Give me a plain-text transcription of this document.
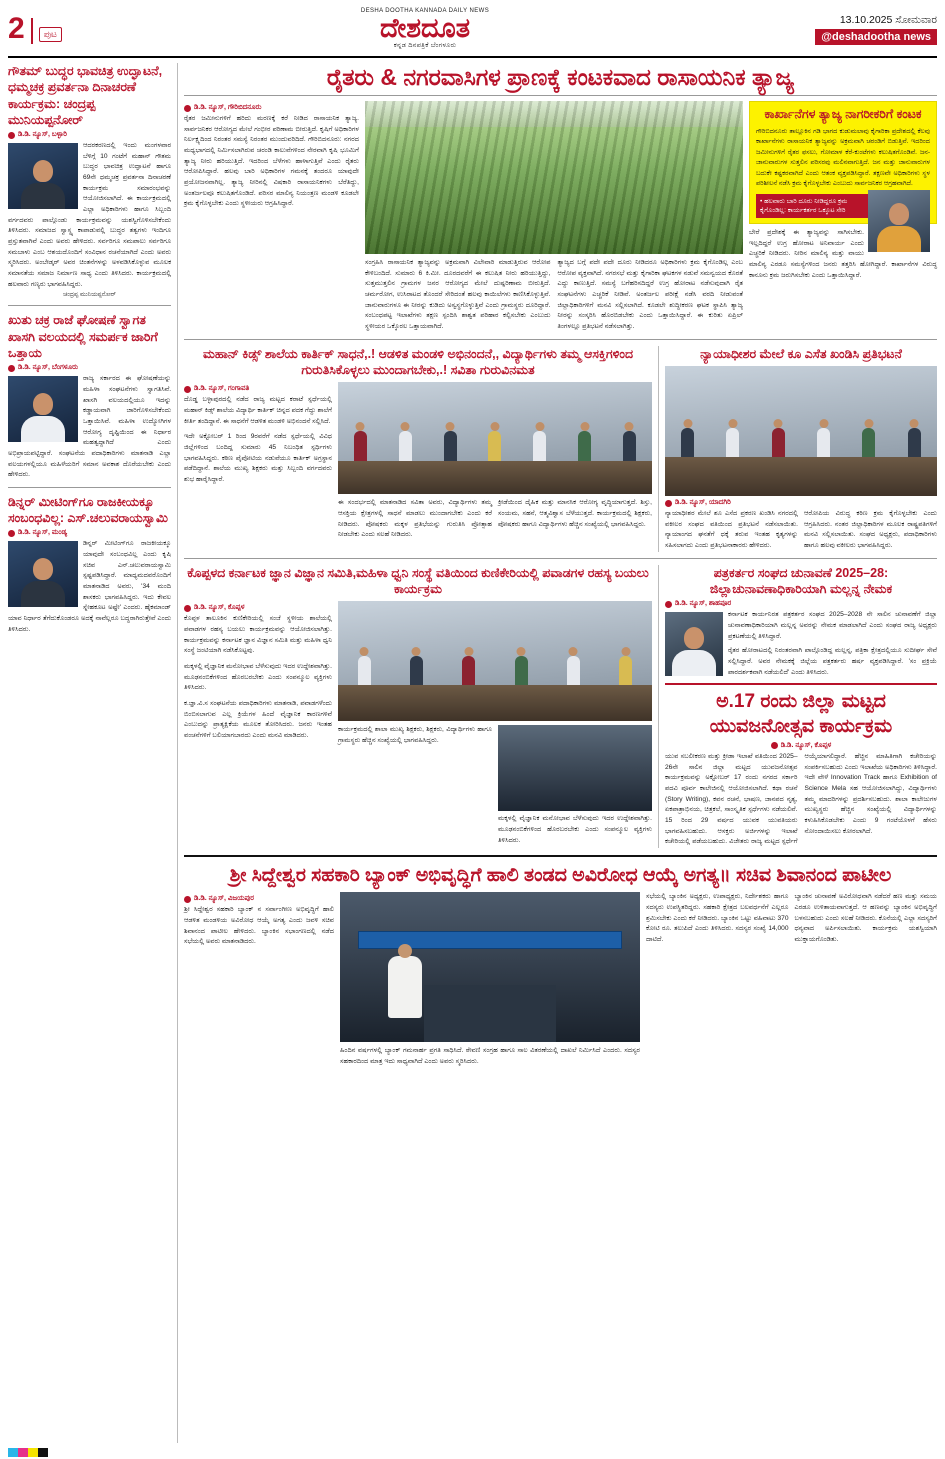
2	ಪುಟ
DESHA DOOTHA KANNADA DAILY NEWS
ದೇಶದೂತ
ಕನ್ನಡ ದಿನಪತ್ರಿಕೆ ಬೆಂಗಳೂರು
13.10.2025 ಸೋಮವಾರ
@deshadootha news
ಗೌತಮ್ ಬುದ್ಧರ ಭಾವಚಿತ್ರ ಉದ್ಘಾಟನೆ, ಧಮ್ಮಚಕ್ರ ಪ್ರವರ್ತನಾ ದಿನಾಚರಣೆ ಕಾರ್ಯಕ್ರಮ: ಚಂದ್ರಪ್ಪ ಮುನಿಯಪ್ಪನೋರ್
ಡಿ.ಡಿ. ನ್ಯೂಸ್, ಬಳ್ಳಾರಿ
ಆದರಕರಣದಲ್ಲಿ ಇಂದು ಮಂಗಳವಾರ ಬೆಳಿಗ್ಗೆ 10 ಗಂಟೆಗೆ ಮಹಾನ್ ಗೌತಮ ಬುದ್ಧರ ಭಾವಚಿತ್ರ ಉದ್ಘಾಟನೆ ಹಾಗೂ 69ನೇ ಧಮ್ಮಚಕ್ರ ಪ್ರವರ್ತನಾ ದಿನಾಚರಣೆ ಕಾರ್ಯಕ್ರಮ ಸಮಾರಂಭವನ್ನು ಆಯೋಜಿಸಲಾಗಿದೆ. ಈ ಕಾರ್ಯಕ್ರಮದಲ್ಲಿ ಎಲ್ಲಾ ಅಧಿಕಾರಿಗಳು ಹಾಗೂ ಸಿಬ್ಬಂದಿ ವರ್ಗದವರು ಪಾಲ್ಗೊಂಡು ಕಾರ್ಯಕ್ರಮವನ್ನು ಯಶಸ್ವಿಗೊಳಿಸಬೇಕೆಂದು ತಿಳಿಸಿದರು. ಸಮಾಜದ ಸ್ವಾಸ್ಥ್ಯ ಕಾಪಾಡುವಲ್ಲಿ ಬುದ್ಧರ ತತ್ವಗಳು ಇಂದಿಗೂ ಪ್ರಸ್ತುತವಾಗಿವೆ ಎಂದು ಅವರು ಹೇಳಿದರು. ಸರ್ವರಿಗೂ ಸಮಪಾಲು ಸರ್ವರಿಗೂ ಸಮಬಾಳು ಎಂಬ ಆಶಯದೊಂದಿಗೆ ಸಂವಿಧಾನ ರಚನೆಯಾಗಿದೆ ಎಂದು ಅವರು ಸ್ಮರಿಸಿದರು. ಅಂಬೇಡ್ಕರ್ ಅವರ ಚಿಂತನೆಗಳನ್ನು ಅಳವಡಿಸಿಕೊಳ್ಳುವ ಮೂಲಕ ಸಮಾನತೆಯ ಸಮಾಜ ನಿರ್ಮಾಣ ಸಾಧ್ಯ ಎಂದು ತಿಳಿಸಿದರು. ಕಾರ್ಯಕ್ರಮದಲ್ಲಿ ಹಲವಾರು ಗಣ್ಯರು ಭಾಗವಹಿಸಿದ್ದರು.
ಚಂದ್ರಪ್ಪ ಮುನಿಯಪ್ಪನೋರ್
ಖುತು ಚಕ್ರ ರಾಜೆ ಘೋಷಣೆ ಸ್ವಾಗತ ಖಾಸಗಿ ವಲಯದಲ್ಲಿ ಸಮರ್ಪಕ ಜಾರಿಗೆ ಒತ್ತಾಯ
ಡಿ.ಡಿ. ನ್ಯೂಸ್, ಬೆಂಗಳೂರು
ರಾಜ್ಯ ಸರ್ಕಾರದ ಈ ಘೋಷಣೆಯನ್ನು ಮಹಿಳಾ ಸಂಘಟನೆಗಳು ಸ್ವಾಗತಿಸಿವೆ. ಖಾಸಗಿ ವಲಯದಲ್ಲಿಯೂ ಇದನ್ನು ಕಡ್ಡಾಯವಾಗಿ ಜಾರಿಗೊಳಿಸಬೇಕೆಂದು ಒತ್ತಾಯಿಸಿವೆ. ಮಹಿಳಾ ಉದ್ಯೋಗಿಗಳ ಆರೋಗ್ಯ ದೃಷ್ಟಿಯಿಂದ ಈ ನಿರ್ಧಾರ ಮಹತ್ವದ್ದಾಗಿದೆ ಎಂದು ಅಭಿಪ್ರಾಯಪಟ್ಟಿದ್ದಾರೆ. ಸಂಘಟನೆಯ ಪದಾಧಿಕಾರಿಗಳು ಮಾತನಾಡಿ ಎಲ್ಲಾ ವಲಯಗಳಲ್ಲಿಯೂ ಮಹಿಳೆಯರಿಗೆ ಸಮಾನ ಅವಕಾಶ ದೊರೆಯಬೇಕು ಎಂದು ಹೇಳಿದರು.
ಡಿನ್ನರ್ ಮೀಟಿಂಗ್‌ಗೂ ರಾಜಕೀಯಕ್ಕೂ ಸಂಬಂಧವಿಲ್ಲ: ಎಸ್.ಚಲುವರಾಯಸ್ವಾಮಿ
ಡಿ.ಡಿ. ನ್ಯೂಸ್, ಮಂಡ್ಯ
ಡಿನ್ನರ್ ಮೀಟಿಂಗ್‌ಗೂ ರಾಜಕೀಯಕ್ಕೂ ಯಾವುದೇ ಸಂಬಂಧವಿಲ್ಲ ಎಂದು ಕೃಷಿ ಸಚಿವ ಎನ್.ಚಲುವರಾಯಸ್ವಾಮಿ ಸ್ಪಷ್ಟಪಡಿಸಿದ್ದಾರೆ. ಮಾಧ್ಯಮದವರೊಂದಿಗೆ ಮಾತನಾಡಿದ ಅವರು, '34 ಮಂದಿ ಶಾಸಕರು ಭಾಗವಹಿಸಿದ್ದರು. ಇದು ಕೇವಲ ಸ್ನೇಹಕೂಟ ಅಷ್ಟೇ' ಎಂದರು. ಹೈಕಮಾಂಡ್ ಯಾವ ನಿರ್ಧಾರ ತೆಗೆದುಕೊಂಡರೂ ಅದಕ್ಕೆ ನಾವೆಲ್ಲರೂ ಬದ್ಧರಾಗಿರುತ್ತೇವೆ ಎಂದು ತಿಳಿಸಿದರು.
ರೈತರು & ನಗರವಾಸಿಗಳ ಪ್ರಾಣಕ್ಕೆ ಕಂಟಕವಾದ ರಾಸಾಯನಿಕ ತ್ಯಾಜ್ಯ
ಡಿ.ಡಿ. ನ್ಯೂಸ್, ಗೌರಿಬಿದನೂರು
ರೈತರ ಜಮೀನುಗಳಿಗೆ ಹರಿದು ಮರಣಕ್ಕೆ ಕರೆ ನೀಡಿದ ರಾಸಾಯನಿಕ ತ್ಯಾಜ್ಯ. ಸಾರ್ವಜನಿಕರ ಆರೋಗ್ಯದ ಮೇಲೆ ಗಂಭೀರ ಪರಿಣಾಮ ಬೀರುತ್ತಿದೆ. ಕೃಷಿಗೆ ಅಧಿಕಾರಿಗಳ ನಿರ್ಲಕ್ಷ್ಯದಿಂದ ನಿರಂತರ ಸಮಸ್ಯೆ ನಿರಂತರ ಮುಂದುವರಿದಿದೆ. ಗೌರಿಬಿದನೂರು: ನಗರದ ಮಧ್ಯಭಾಗದಲ್ಲಿ ನಿರ್ಮಿಸಲಾಗಿರುವ ಚರಂಡಿ ಕಾಲುವೆಗಳಿಂದ ನೇರವಾಗಿ ಕೃಷಿ ಭೂಮಿಗೆ ತ್ಯಾಜ್ಯ ನೀರು ಹರಿಯುತ್ತಿದೆ. ಇದರಿಂದ ಬೆಳೆಗಳು ಹಾಳಾಗುತ್ತಿವೆ ಎಂದು ರೈತರು ಆರೋಪಿಸಿದ್ದಾರೆ. ಹಲವು ಬಾರಿ ಅಧಿಕಾರಿಗಳ ಗಮನಕ್ಕೆ ತಂದರೂ ಯಾವುದೇ ಪ್ರಯೋಜನವಾಗಿಲ್ಲ. ತ್ಯಾಜ್ಯ ನೀರಿನಲ್ಲಿ ವಿಷಕಾರಿ ರಾಸಾಯನಿಕಗಳು ಬೆರೆತಿದ್ದು, ಅಂತರ್ಜಲವೂ ಕಲುಷಿತಗೊಂಡಿದೆ. ಪರಿಸರ ಮಾಲಿನ್ಯ ನಿಯಂತ್ರಣ ಮಂಡಳಿ ಕೂಡಲೇ ಕ್ರಮ ಕೈಗೊಳ್ಳಬೇಕು ಎಂದು ಸ್ಥಳೀಯರು ಆಗ್ರಹಿಸಿದ್ದಾರೆ.
ಸಂಗ್ರಹಿಸಿ ರಾಸಾಯನಿಕ ತ್ಯಾಜ್ಯವನ್ನು ಅಕ್ರಮವಾಗಿ ವಿಲೇವಾರಿ ಮಾಡುತ್ತಿರುವ ಆರೋಪ ಕೇಳಿಬಂದಿದೆ. ಸುಮಾರು 6 ಕಿ.ಮೀ. ದೂರದವರೆಗೆ ಈ ಕಲುಷಿತ ನೀರು ಹರಿಯುತ್ತಿದ್ದು, ಸುತ್ತಮುತ್ತಲಿನ ಗ್ರಾಮಗಳ ಜನರ ಆರೋಗ್ಯದ ಮೇಲೆ ದುಷ್ಪರಿಣಾಮ ಬೀರುತ್ತಿದೆ. ಚರ್ಮರೋಗ, ಉಸಿರಾಟದ ತೊಂದರೆ ಸೇರಿದಂತೆ ಹಲವು ಕಾಯಿಲೆಗಳು ಕಾಣಿಸಿಕೊಳ್ಳುತ್ತಿವೆ. ಜಾನುವಾರುಗಳೂ ಈ ನೀರನ್ನು ಕುಡಿದು ಅಸ್ವಸ್ಥಗೊಳ್ಳುತ್ತಿವೆ ಎಂದು ಗ್ರಾಮಸ್ಥರು ದೂರಿದ್ದಾರೆ. ಸಂಬಂಧಪಟ್ಟ ಇಲಾಖೆಗಳು ತಕ್ಷಣ ಸ್ಪಂದಿಸಿ ಶಾಶ್ವತ ಪರಿಹಾರ ಕಲ್ಪಿಸಬೇಕು ಎಂಬುದು ಸ್ಥಳೀಯರ ಒಕ್ಕೊರಲ ಒತ್ತಾಯವಾಗಿದೆ.
ತ್ಯಾಜ್ಯದ ಬಗ್ಗೆ ಪದೇ ಪದೇ ದೂರು ನೀಡಿದರೂ ಅಧಿಕಾರಿಗಳು ಕ್ರಮ ಕೈಗೊಂಡಿಲ್ಲ ಎಂಬ ಆರೋಪ ವ್ಯಕ್ತವಾಗಿದೆ. ನಗರಸಭೆ ಮತ್ತು ಕೈಗಾರಿಕಾ ಘಟಕಗಳ ನಡುವೆ ಸಮನ್ವಯದ ಕೊರತೆ ಎದ್ದು ಕಾಣುತ್ತಿದೆ. ಸಮಸ್ಯೆ ಬಗೆಹರಿಸದಿದ್ದರೆ ಉಗ್ರ ಹೋರಾಟ ನಡೆಸುವುದಾಗಿ ರೈತ ಸಂಘಟನೆಗಳು ಎಚ್ಚರಿಕೆ ನೀಡಿವೆ. ಅಂತರ್ಜಲ ಪರೀಕ್ಷೆ ನಡೆಸಿ ವರದಿ ನೀಡುವಂತೆ ಜಿಲ್ಲಾಧಿಕಾರಿಗಳಿಗೆ ಮನವಿ ಸಲ್ಲಿಸಲಾಗಿದೆ. ಕೂಡಲೇ ಶುದ್ಧೀಕರಣ ಘಟಕ ಸ್ಥಾಪಿಸಿ ತ್ಯಾಜ್ಯ ನೀರನ್ನು ಸಂಸ್ಕರಿಸಿ ಹೊರಬಿಡಬೇಕು ಎಂದು ಒತ್ತಾಯಿಸಿದ್ದಾರೆ. ಈ ಕುರಿತು ಏಪ್ರಿಲ್ ತಿಂಗಳಲ್ಲೂ ಪ್ರತಿಭಟನೆ ನಡೆಸಲಾಗಿತ್ತು.
ಕಾರ್ಖಾನೆಗಳ ತ್ಯಾಜ್ಯ ನಾಗರೀಕರಿಗೆ ಕಂಟಕ
ಗೌರಿಬಿದನೂರು ತಾಲ್ಲೂಕಿನ ಗಡಿ ಭಾಗದ ಕುಡುಮಲಾವು ಕೈಗಾರಿಕಾ ಪ್ರದೇಶದಲ್ಲಿ ಕೆಲವು ಕಾರ್ಖಾನೆಗಳು ರಾಸಾಯನಿಕ ತ್ಯಾಜ್ಯವನ್ನು ಅಕ್ರಮವಾಗಿ ಚರಂಡಿಗೆ ಬಿಡುತ್ತಿವೆ. ಇದರಿಂದ ಜಮೀನುಗಳಿಗೆ ರೈತರ ಫಸಲು, ಗೋಮಾಳ ಕೆರೆ-ಕುಂಟೆಗಳು ಕಲುಷಿತಗೊಂಡಿವೆ. ಜನ-ಜಾನುವಾರುಗಳ ಸುತ್ತಲಿನ ಪರಿಸರವು ಮಲಿನವಾಗುತ್ತಿದೆ. ಜನ ಮತ್ತು ಜಾನುವಾರುಗಳ ಬದುಕೇ ಕಷ್ಟಕರವಾಗಿದೆ ಎಂದು ಆತಂಕ ವ್ಯಕ್ತಪಡಿಸಿದ್ದಾರೆ. ತಕ್ಷಣವೇ ಅಧಿಕಾರಿಗಳು ಸ್ಥಳ ಪರಿಶೀಲನೆ ನಡೆಸಿ ಕ್ರಮ ಕೈಗೊಳ್ಳಬೇಕು ಎಂಬುದು ಸಾರ್ವಜನಿಕರ ಆಗ್ರಹವಾಗಿದೆ.
• ಹಲವಾರು ಬಾರಿ ದೂರು ನೀಡಿದ್ದರೂ ಕ್ರಮ ಕೈಗೊಂಡಿಲ್ಲ: ಕಾರ್ಯಕರ್ತರ ಒಕ್ಕೂಟ ಸೇರಿ
ಬೇರೆ ಪ್ರದೇಶಕ್ಕೆ ಈ ತ್ಯಾಜ್ಯವನ್ನು ಸಾಗಿಸಬೇಕು. ಇಲ್ಲದಿದ್ದರೆ ಉಗ್ರ ಹೋರಾಟ ಅನಿವಾರ್ಯ ಎಂದು ಎಚ್ಚರಿಕೆ ನೀಡಿದರು. ನೀರಿನ ಮಾಲಿನ್ಯ ಮತ್ತು ವಾಯು ಮಾಲಿನ್ಯ ಎರಡೂ ಸಮಸ್ಯೆಗಳಿಂದ ಜನರು ತತ್ತರಿಸಿ ಹೋಗಿದ್ದಾರೆ. ಕಾರ್ಖಾನೆಗಳ ವಿರುದ್ಧ ಕಾನೂನು ಕ್ರಮ ಜರುಗಿಸಬೇಕು ಎಂದು ಒತ್ತಾಯಿಸಿದ್ದಾರೆ.
ಮಹಾನ್ ಕಿಡ್ಸ್ ಶಾಲೆಯ ಕಾರ್ತಿಕ್ ಸಾಧನೆ,.! ಆಡಳಿತ ಮಂಡಳಿ ಅಭಿನಂದನೆ,, ವಿದ್ಯಾರ್ಥಿಗಳು ತಮ್ಮ ಆಸಕ್ತಿಗಳಿಂದ ಗುರುತಿಸಿಕೊಳ್ಳಲು ಮುಂದಾಗಬೇಕು,.! ಸವಿತಾ ಗುರುವಿನಮತ
ಡಿ.ಡಿ. ನ್ಯೂಸ್, ಗಂಗಾವತಿ
ದೊಡ್ಡ ಬಳ್ಳಾಪುರದಲ್ಲಿ ನಡೆದ ರಾಜ್ಯ ಮಟ್ಟದ ಕರಾಟೆ ಸ್ಪರ್ಧೆಯಲ್ಲಿ ಮಹಾನ್ ಕಿಡ್ಸ್ ಶಾಲೆಯ ವಿದ್ಯಾರ್ಥಿ ಕಾರ್ತಿಕ್ ಚಿನ್ನದ ಪದಕ ಗೆದ್ದು ಶಾಲೆಗೆ ಕೀರ್ತಿ ತಂದಿದ್ದಾನೆ. ಈ ಸಾಧನೆಗೆ ಆಡಳಿತ ಮಂಡಳಿ ಅಭಿನಂದನೆ ಸಲ್ಲಿಸಿದೆ.
ಇದೇ ಅಕ್ಟೋಬರ್ 1 ರಿಂದ 9ರವರೆಗೆ ನಡೆದ ಸ್ಪರ್ಧೆಯಲ್ಲಿ ವಿವಿಧ ಜಿಲ್ಲೆಗಳಿಂದ ಬಂದಿದ್ದ ಸುಮಾರು 45 ನಿಬಂಧಿತ ಸ್ಪರ್ಧಿಗಳು ಭಾಗವಹಿಸಿದ್ದರು. ಕಠಿಣ ಪೈಪೋಟಿಯ ನಡುವೆಯೂ ಕಾರ್ತಿಕ್ ಅಗ್ರಸ್ಥಾನ ಪಡೆದಿದ್ದಾನೆ. ಶಾಲೆಯ ಮುಖ್ಯ ಶಿಕ್ಷಕರು ಮತ್ತು ಸಿಬ್ಬಂದಿ ವರ್ಗದವರು ಶುಭ ಹಾರೈಸಿದ್ದಾರೆ.
ಈ ಸಂದರ್ಭದಲ್ಲಿ ಮಾತನಾಡಿದ ಸವಿತಾ ಅವರು, ವಿದ್ಯಾರ್ಥಿಗಳು ತಮ್ಮ ಆಸಕ್ತಿಯ ಕ್ಷೇತ್ರಗಳಲ್ಲಿ ಸಾಧನೆ ಮಾಡಲು ಮುಂದಾಗಬೇಕು ಎಂದು ಕರೆ ನೀಡಿದರು. ಪೋಷಕರು ಮಕ್ಕಳ ಪ್ರತಿಭೆಯನ್ನು ಗುರುತಿಸಿ ಪ್ರೋತ್ಸಾಹ ನೀಡಬೇಕು ಎಂದು ಸಲಹೆ ನೀಡಿದರು.
ಕ್ರೀಡೆಯಿಂದ ದೈಹಿಕ ಮತ್ತು ಮಾನಸಿಕ ಆರೋಗ್ಯ ವೃದ್ಧಿಯಾಗುತ್ತದೆ. ಶಿಸ್ತು, ಸಂಯಮ, ಸಹನೆ, ಆತ್ಮವಿಶ್ವಾಸ ಬೆಳೆಯುತ್ತದೆ. ಕಾರ್ಯಕ್ರಮದಲ್ಲಿ ಶಿಕ್ಷಕರು, ಪೋಷಕರು ಹಾಗೂ ವಿದ್ಯಾರ್ಥಿಗಳು ಹೆಚ್ಚಿನ ಸಂಖ್ಯೆಯಲ್ಲಿ ಭಾಗವಹಿಸಿದ್ದರು.
ನ್ಯಾಯಾಧೀಶರ ಮೇಲೆ ಕೂ ಎಸೆತ ಖಂಡಿಸಿ ಪ್ರತಿಭಟನೆ
ಡಿ.ಡಿ. ನ್ಯೂಸ್, ಯಾದಗಿರಿ
ನ್ಯಾಯಾಧೀಶರ ಮೇಲೆ ಶೂ ಎಸೆದ ಪ್ರಕರಣ ಖಂಡಿಸಿ ನಗರದಲ್ಲಿ ವಕೀಲರ ಸಂಘದ ವತಿಯಿಂದ ಪ್ರತಿಭಟನೆ ನಡೆಸಲಾಯಿತು. ನ್ಯಾಯಾಂಗದ ಘನತೆಗೆ ಧಕ್ಕೆ ತರುವ ಇಂತಹ ಕೃತ್ಯಗಳನ್ನು ಸಹಿಸಲಾಗದು ಎಂದು ಪ್ರತಿಭಟನಾಕಾರರು ಹೇಳಿದರು.
ಆರೋಪಿಯ ವಿರುದ್ಧ ಕಠಿಣ ಕ್ರಮ ಕೈಗೊಳ್ಳಬೇಕು ಎಂದು ಆಗ್ರಹಿಸಿದರು. ನಂತರ ಜಿಲ್ಲಾಧಿಕಾರಿಗಳ ಮೂಲಕ ರಾಷ್ಟ್ರಪತಿಗಳಿಗೆ ಮನವಿ ಸಲ್ಲಿಸಲಾಯಿತು. ಸಂಘದ ಅಧ್ಯಕ್ಷರು, ಪದಾಧಿಕಾರಿಗಳು ಹಾಗೂ ಹಲವು ವಕೀಲರು ಭಾಗವಹಿಸಿದ್ದರು.
ಕೊಪ್ಪಳದ ಕರ್ನಾಟಕ ಜ್ಞಾನ ವಿಜ್ಞಾನ ಸಮಿತಿ,ಮಹಿಳಾ ಧ್ವನಿ ಸಂಸ್ಥೆ ವತಿಯಿಂದ ಕುಣಿಕೇರಿಯಲ್ಲಿ ಪವಾಡಗಳ ರಹಸ್ಯ ಬಯಲು ಕಾರ್ಯಕ್ರಮ
ಡಿ.ಡಿ. ನ್ಯೂಸ್, ಕೊಪ್ಪಳ
ಕೊಪ್ಪಳ ತಾಲೂಕಿನ ಕುಣಿಕೇರಿಯಲ್ಲಿ ಸಂಜೆ ಸ್ಥಳೀಯ ಶಾಲೆಯಲ್ಲಿ ಪವಾಡಗಳ ರಹಸ್ಯ ಬಯಲು ಕಾರ್ಯಕ್ರಮವನ್ನು ಆಯೋಜಿಸಲಾಗಿತ್ತು. ಕಾರ್ಯಕ್ರಮವನ್ನು ಕರ್ನಾಟಕ ಜ್ಞಾನ ವಿಜ್ಞಾನ ಸಮಿತಿ ಮತ್ತು ಮಹಿಳಾ ಧ್ವನಿ ಸಂಸ್ಥೆ ಜಂಟಿಯಾಗಿ ನಡೆಸಿಕೊಟ್ಟವು.
ಮಕ್ಕಳಲ್ಲಿ ವೈಜ್ಞಾನಿಕ ಮನೋಭಾವ ಬೆಳೆಸುವುದು ಇದರ ಉದ್ದೇಶವಾಗಿತ್ತು. ಮೂಢನಂಬಿಕೆಗಳಿಂದ ಹೊರಬರಬೇಕು ಎಂದು ಸಂಪನ್ಮೂಲ ವ್ಯಕ್ತಿಗಳು ತಿಳಿಸಿದರು.
ಕ.ಜ್ಞಾ.ವಿ.ಸ ಸಂಘಟನೆಯ ಪದಾಧಿಕಾರಿಗಳು ಮಾತನಾಡಿ, ಪವಾಡಗಳೆಂದು ಬಿಂಬಿಸಲಾಗುವ ಎಲ್ಲ ಕ್ರಿಯೆಗಳ ಹಿಂದೆ ವೈಜ್ಞಾನಿಕ ಕಾರಣಗಳಿವೆ ಎಂಬುದನ್ನು ಪ್ರಾತ್ಯಕ್ಷಿಕೆಯ ಮೂಲಕ ತೋರಿಸಿದರು. ಜನರು ಇಂತಹ ವಂಚನೆಗಳಿಗೆ ಬಲಿಯಾಗಬಾರದು ಎಂದು ಮನವಿ ಮಾಡಿದರು.
ಕಾರ್ಯಕ್ರಮದಲ್ಲಿ ಶಾಲಾ ಮುಖ್ಯ ಶಿಕ್ಷಕರು, ಶಿಕ್ಷಕರು, ವಿದ್ಯಾರ್ಥಿಗಳು ಹಾಗೂ ಗ್ರಾಮಸ್ಥರು ಹೆಚ್ಚಿನ ಸಂಖ್ಯೆಯಲ್ಲಿ ಭಾಗವಹಿಸಿದ್ದರು.
ಮಕ್ಕಳಲ್ಲಿ ವೈಜ್ಞಾನಿಕ ಮನೋಭಾವ ಬೆಳೆಸುವುದು ಇದರ ಉದ್ದೇಶವಾಗಿತ್ತು. ಮೂಢನಂಬಿಕೆಗಳಿಂದ ಹೊರಬರಬೇಕು ಎಂದು ಸಂಪನ್ಮೂಲ ವ್ಯಕ್ತಿಗಳು ತಿಳಿಸಿದರು.
ಪತ್ರಕರ್ತರ ಸಂಘದ ಚುನಾವಣೆ 2025–28: ಜಿಲ್ಲಾಚುನಾವಣಾಧಿಕಾರಿಯಾಗಿ ಮಲ್ಲನ್ನ ನೇಮಕ
ಡಿ.ಡಿ. ನ್ಯೂಸ್, ಶಾಹಪೂರ
ಕರ್ನಾಟಕ ಕಾರ್ಯನಿರತ ಪತ್ರಕರ್ತರ ಸಂಘದ 2025–2028 ನೇ ಸಾಲಿನ ಚುನಾವಣೆಗೆ ಜಿಲ್ಲಾ ಚುನಾವಣಾಧಿಕಾರಿಯಾಗಿ ಮಲ್ಲನ್ನ ಅವರನ್ನು ನೇಮಕ ಮಾಡಲಾಗಿದೆ ಎಂದು ಸಂಘದ ರಾಜ್ಯ ಅಧ್ಯಕ್ಷರು ಪ್ರಕಟಣೆಯಲ್ಲಿ ತಿಳಿಸಿದ್ದಾರೆ.
ರೈತರ ಹೋರಾಟದಲ್ಲಿ ನಿರಂತರವಾಗಿ ಪಾಲ್ಗೊಂಡಿದ್ದ ಮಲ್ಲನ್ನ, ಪತ್ರಿಕಾ ಕ್ಷೇತ್ರದಲ್ಲಿಯೂ ಸುದೀರ್ಘ ಸೇವೆ ಸಲ್ಲಿಸಿದ್ದಾರೆ. ಅವರ ನೇಮಕಕ್ಕೆ ಜಿಲ್ಲೆಯ ಪತ್ರಕರ್ತರು ಹರ್ಷ ವ್ಯಕ್ತಪಡಿಸಿದ್ದಾರೆ. 'ಸಂ ಪ್ರಕ್ರಿಯೆ ಪಾರದರ್ಶಕವಾಗಿ ನಡೆಯಲಿದೆ' ಎಂದು ತಿಳಿಸಿದರು.
ಅ.17 ರಂದು ಜಿಲ್ಲಾ ಮಟ್ಟದ ಯುವಜನೋತ್ಸವ ಕಾರ್ಯಕ್ರಮ
ಡಿ.ಡಿ. ನ್ಯೂಸ್, ಕೊಪ್ಪಳ
ಯುವ ಸಬಲೀಕರಣ ಮತ್ತು ಕ್ರೀಡಾ ಇಲಾಖೆ ವತಿಯಿಂದ 2025–26ನೇ ಸಾಲಿನ ಜಿಲ್ಲಾ ಮಟ್ಟದ ಯುವಜನೋತ್ಸವ ಕಾರ್ಯಕ್ರಮವನ್ನು ಅಕ್ಟೋಬರ್ 17 ರಂದು ನಗರದ ಸರ್ಕಾರಿ ಪದವಿ ಪೂರ್ವ ಕಾಲೇಜಿನಲ್ಲಿ ಆಯೋಜಿಸಲಾಗಿದೆ. ಕಥಾ ರಚನೆ (Story Writing), ಕವನ ರಚನೆ, ಭಾಷಣ, ಜಾನಪದ ನೃತ್ಯ, ಏಕಪಾತ್ರಾಭಿನಯ, ಚಿತ್ರಕಲೆ, ಸಾಂಸ್ಕೃತಿಕ ಸ್ಪರ್ಧೆಗಳು ನಡೆಯಲಿವೆ. 15 ರಿಂದ 29 ವರ್ಷದ ಯುವಕ ಯುವತಿಯರು ಭಾಗವಹಿಸಬಹುದು. ಆಸಕ್ತರು ಅರ್ಜಿಗಳನ್ನು ಇಲಾಖೆ ಕಚೇರಿಯಲ್ಲಿ ಪಡೆಯಬಹುದು. ವಿಜೇತರು ರಾಜ್ಯ ಮಟ್ಟದ ಸ್ಪರ್ಧೆಗೆ ಆಯ್ಕೆಯಾಗಲಿದ್ದಾರೆ. ಹೆಚ್ಚಿನ ಮಾಹಿತಿಗಾಗಿ ಕಚೇರಿಯನ್ನು ಸಂಪರ್ಕಿಸಬಹುದು ಎಂದು ಇಲಾಖೆಯ ಅಧಿಕಾರಿಗಳು ತಿಳಿಸಿದ್ದಾರೆ. ಇದೇ ವೇಳೆ Innovation Track ಹಾಗೂ Exhibition of Science Mela ಸಹ ಆಯೋಜಿಸಲಾಗಿದ್ದು, ವಿದ್ಯಾರ್ಥಿಗಳು ತಮ್ಮ ಮಾದರಿಗಳನ್ನು ಪ್ರದರ್ಶಿಸಬಹುದು. ಶಾಲಾ ಕಾಲೇಜುಗಳ ಮುಖ್ಯಸ್ಥರು ಹೆಚ್ಚಿನ ಸಂಖ್ಯೆಯಲ್ಲಿ ವಿದ್ಯಾರ್ಥಿಗಳನ್ನು ಕಳುಹಿಸಿಕೊಡಬೇಕು ಎಂದು 9 ಗಂಟೆಯೊಳಗೆ ಹೆಸರು ನೋಂದಾಯಿಸಲು ಕೋರಲಾಗಿದೆ.
ಶ್ರೀ ಸಿದ್ದೇಶ್ವರ ಸಹಕಾರಿ ಬ್ಯಾಂಕ್ ಅಭಿವೃದ್ಧಿಗೆ ಹಾಲಿ ತಂಡದ ಅವಿರೋಧ ಆಯ್ಕೆ ಅಗತ್ಯ॥ ಸಚಿವ ಶಿವಾನಂದ ಪಾಟೀಲ
ಡಿ.ಡಿ. ನ್ಯೂಸ್, ವಿಜಯಪುರ
ಶ್ರೀ ಸಿದ್ದೇಶ್ವರ ಸಹಕಾರಿ ಬ್ಯಾಂಕ್ ನ ಸರ್ವಾಂಗೀಣ ಅಭಿವೃದ್ಧಿಗೆ ಹಾಲಿ ಆಡಳಿತ ಮಂಡಳಿಯ ಅವಿರೋಧ ಆಯ್ಕೆ ಅಗತ್ಯ ಎಂದು ಜವಳಿ ಸಚಿವ ಶಿವಾನಂದ ಪಾಟೀಲ ಹೇಳಿದರು. ಬ್ಯಾಂಕಿನ ಸಭಾಂಗಣದಲ್ಲಿ ನಡೆದ ಸಭೆಯಲ್ಲಿ ಅವರು ಮಾತನಾಡಿದರು.
ಹಿಂದಿನ ವರ್ಷಗಳಲ್ಲಿ ಬ್ಯಾಂಕ್ ಗಮನಾರ್ಹ ಪ್ರಗತಿ ಸಾಧಿಸಿದೆ. ಠೇವಣಿ ಸಂಗ್ರಹ ಹಾಗೂ ಸಾಲ ವಿತರಣೆಯಲ್ಲಿ ದಾಖಲೆ ನಿರ್ಮಿಸಿದೆ ಎಂದರು. ಸದಸ್ಯರ ಸಹಕಾರದಿಂದ ಮಾತ್ರ ಇದು ಸಾಧ್ಯವಾಗಿದೆ ಎಂದು ಅವರು ಸ್ಮರಿಸಿದರು.
ಸಭೆಯಲ್ಲಿ ಬ್ಯಾಂಕಿನ ಅಧ್ಯಕ್ಷರು, ಉಪಾಧ್ಯಕ್ಷರು, ನಿರ್ದೇಶಕರು ಹಾಗೂ ಸದಸ್ಯರು ಉಪಸ್ಥಿತರಿದ್ದರು. ಸಹಕಾರಿ ಕ್ಷೇತ್ರದ ಬಲವರ್ಧನೆಗೆ ಎಲ್ಲರೂ ಶ್ರಮಿಸಬೇಕು ಎಂದು ಕರೆ ನೀಡಿದರು. ಬ್ಯಾಂಕಿನ ಒಟ್ಟು ವಹಿವಾಟು 370 ಕೋಟಿ ರೂ. ತಲುಪಿದೆ ಎಂದು ತಿಳಿಸಿದರು. ಸದಸ್ಯರ ಸಂಖ್ಯೆ 14,000 ದಾಟಿದೆ.
ಬ್ಯಾಂಕಿನ ಚುನಾವಣೆ ಅವಿರೋಧವಾಗಿ ನಡೆದರೆ ಹಣ ಮತ್ತು ಸಮಯ ಎರಡೂ ಉಳಿತಾಯವಾಗುತ್ತದೆ. ಆ ಹಣವನ್ನು ಬ್ಯಾಂಕಿನ ಅಭಿವೃದ್ಧಿಗೆ ಬಳಸಬಹುದು ಎಂದು ಸಲಹೆ ನೀಡಿದರು. ಕೊನೆಯಲ್ಲಿ ಎಲ್ಲಾ ಸದಸ್ಯರಿಗೆ ಧನ್ಯವಾದ ಅರ್ಪಿಸಲಾಯಿತು. ಕಾರ್ಯಕ್ರಮ ಯಶಸ್ವಿಯಾಗಿ ಮುಕ್ತಾಯಗೊಂಡಿತು.
